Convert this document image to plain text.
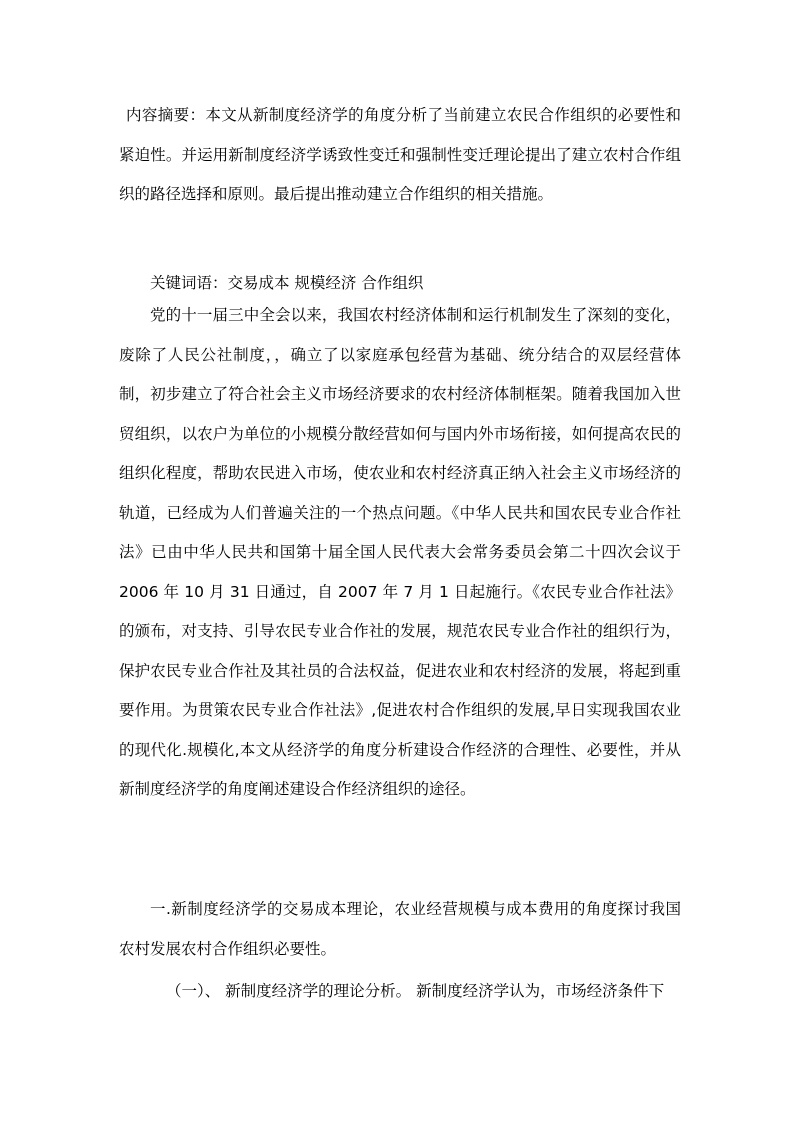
内容摘要：本文从新制度经济学的角度分析了当前建立农民合作组织的必要性和紧迫性。并运用新制度经济学诱致性变迁和强制性变迁理论提出了建立农村合作组织的路径选择和原则。最后提出推动建立合作组织的相关措施。

关键词语：交易成本 规模经济 合作组织

党的十一届三中全会以来，我国农村经济体制和运行机制发生了深刻的变化，废除了人民公社制度，，确立了以家庭承包经营为基础、统分结合的双层经营体制，初步建立了符合社会主义市场经济要求的农村经济体制框架。随着我国加入世贸组织，以农户为单位的小规模分散经营如何与国内外市场衔接，如何提高农民的组织化程度，帮助农民进入市场，使农业和农村经济真正纳入社会主义市场经济的轨道，已经成为人们普遍关注的一个热点问题。《中华人民共和国农民专业合作社法》已由中华人民共和国第十届全国人民代表大会常务委员会第二十四次会议于 2006 年 10 月 31 日通过，自 2007 年 7 月 1 日起施行。《农民专业合作社法》的颁布，对支持、引导农民专业合作社的发展，规范农民专业合作社的组织行为，保护农民专业合作社及其社员的合法权益，促进农业和农村经济的发展，将起到重要作用。为贯策农民专业合作社法》,促进农村合作组织的发展,早日实现我国农业的现代化.规模化,本文从经济学的角度分析建设合作经济的合理性、必要性，并从新制度经济学的角度阐述建设合作经济组织的途径。

一.新制度经济学的交易成本理论，农业经营规模与成本费用的角度探讨我国农村发展农村合作组织必要性。

（一）、 新制度经济学的理论分析。 新制度经济学认为，市场经济条件下
